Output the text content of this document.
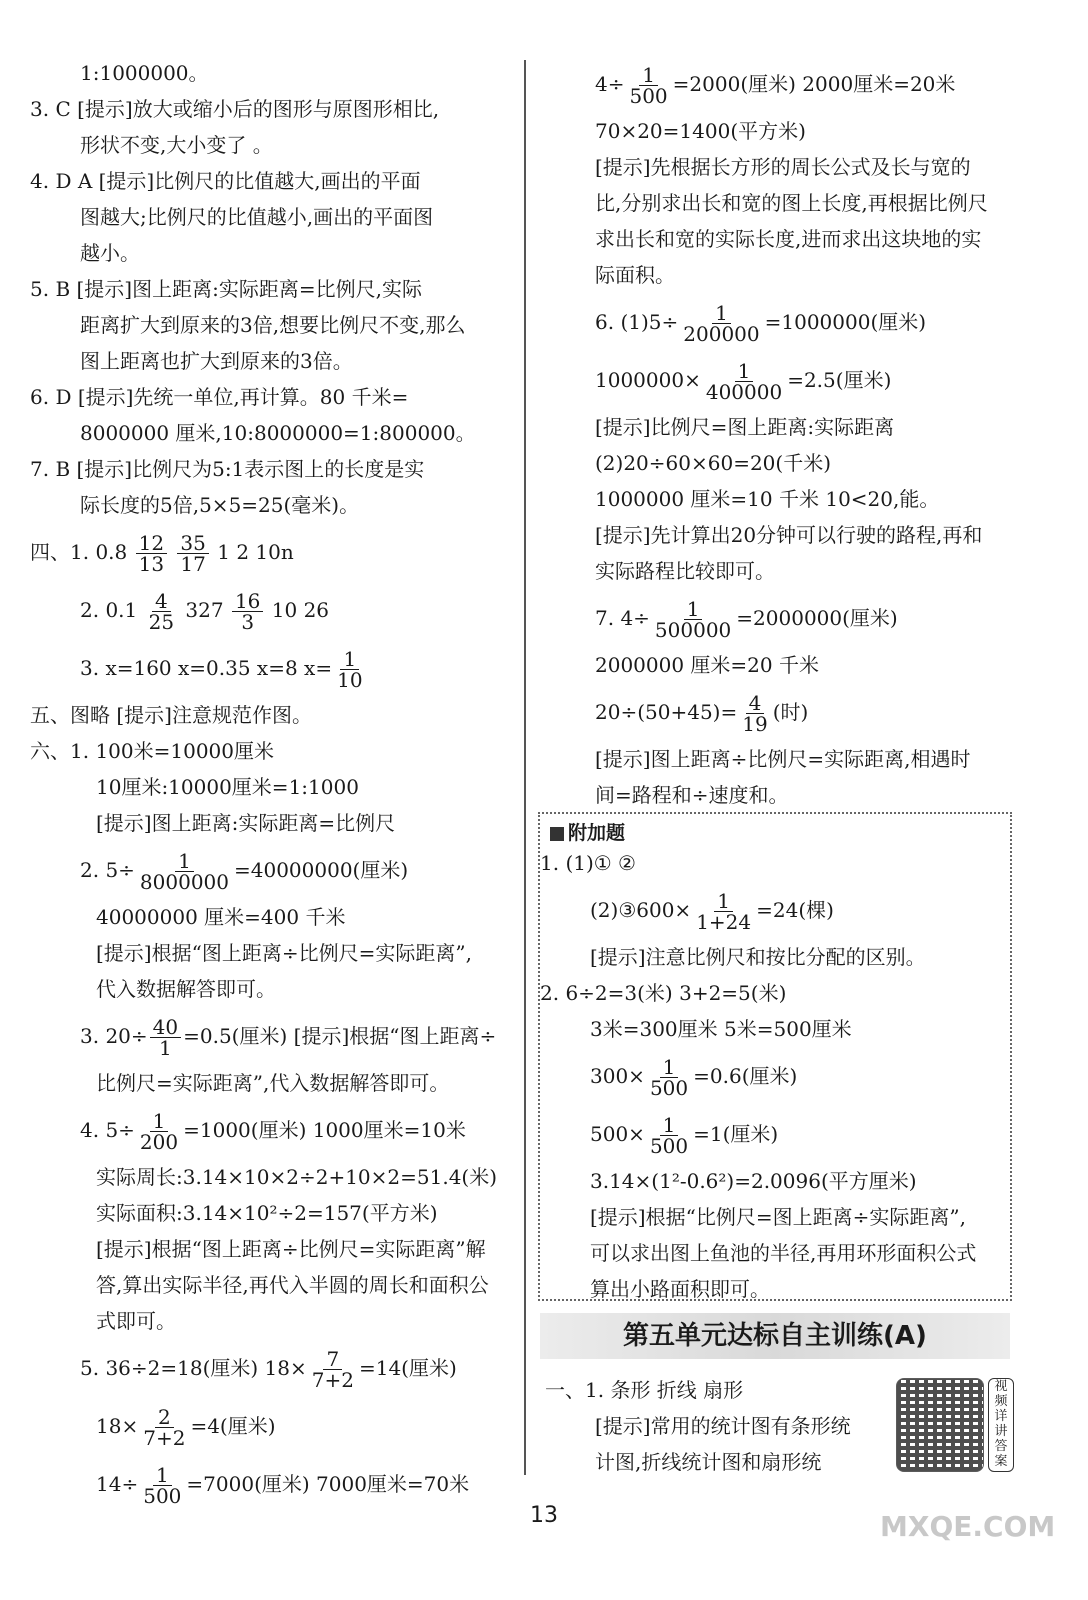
1:1000000。

3. C [提示]放大或缩小后的图形与原图形相比,

形状不变,大小变了 。

4. D A [提示]比例尺的比值越大,画出的平面

图越大;比例尺的比值越小,画出的平面图

越小。

5. B [提示]图上距离:实际距离=比例尺,实际

距离扩大到原来的3倍,想要比例尺不变,那么

图上距离也扩大到原来的3倍。

6. D [提示]先统一单位,再计算。80 千米=

8000000 厘米,10:8000000=1:800000。

7. B [提示]比例尺为5:1表示图上的长度是实

际长度的5倍,5×5=25(毫米)。

四、1. $0.8 \frac{12}{13}$
$\frac{35}{17} 1$ 2 10n

2. $0.1 \frac{4}{25} 327 \frac{16}{3} 10$ 26

3. x=160 x=0.35 x=8 $x= \frac{1}{10}$

五、图略 [提示]注意规范作图。

六、1. 100米=10000厘米

10厘米:10000厘米=1:1000

[提示]图上距离:实际距离=比例尺

2. $5\div \frac{1}{8000000} =40000000$(厘米)

40000000 厘米=400 千米

[提示]根据“图上距离÷比例尺=实际距离”,

代入数据解答即可。

3. $20\div \frac{40}{1} =0.5$(厘米) [提示]根据“图上距离÷

比例尺=实际距离”,代入数据解答即可。

4. $5\div \frac{1}{200} =1000$(厘米) 1000厘米=10米

实际周长:3.14×10×2÷2+10×2=51.4(米)

实际面积:3.14×10²÷2=157(平方米)

[提示]根据“图上距离÷比例尺=实际距离”解

答,算出实际半径,再代入半圆的周长和面积公

式即可。

5. 36÷2=18(厘米) $18\times \frac{7}{7+2} =14$(厘米)

$18\times \frac{2}{7+2} =4$(厘米)

$14\div \frac{1}{500} =7000$(厘米) 7000厘米=70米

$4\div \frac{1}{500} =2000$(厘米) 2000厘米=20米

70×20=1400(平方米)

[提示]先根据长方形的周长公式及长与宽的

比,分别求出长和宽的图上长度,再根据比例尺

求出长和宽的实际长度,进而求出这块地的实

际面积。

6. $(1)5\div \frac{1}{200000} =1000000$(厘米)

$1000000\times \frac{1}{400000} =2.5$(厘米)

[提示]比例尺=图上距离:实际距离

(2)20÷60×60=20(千米)

1000000 厘米=10 千米 10<20,能。

[提示]先计算出20分钟可以行驶的路程,再和

实际路程比较即可。

7. $4\div \frac{1}{500000} =2000000$(厘米)

2000000 厘米=20 千米

$20\div(50+45)= \frac{4}{19}$ (时)

[提示]图上距离÷比例尺=实际距离,相遇时

间=路程和÷速度和。

附加题

1. (1)① ②

(2)③600× $\frac{1}{1+24} =24$(棵)

[提示]注意比例尺和按比分配的区别。

2. 6÷2=3(米) 3+2=5(米)

3米=300厘米 5米=500厘米

$300\times \frac{1}{500} =0.6$(厘米)

$500\times \frac{1}{500} =1$(厘米)

3.14×(1²-0.6²)=2.0096(平方厘米)

[提示]根据“比例尺=图上距离÷实际距离”,

可以求出图上鱼池的半径,再用环形面积公式

算出小路面积即可。

第五单元达标自主训练(A)

一、1. 条形 折线 扇形

[提示]常用的统计图有条形统

计图,折线统计图和扇形统

视频详讲答案
13	MXQE.COM
